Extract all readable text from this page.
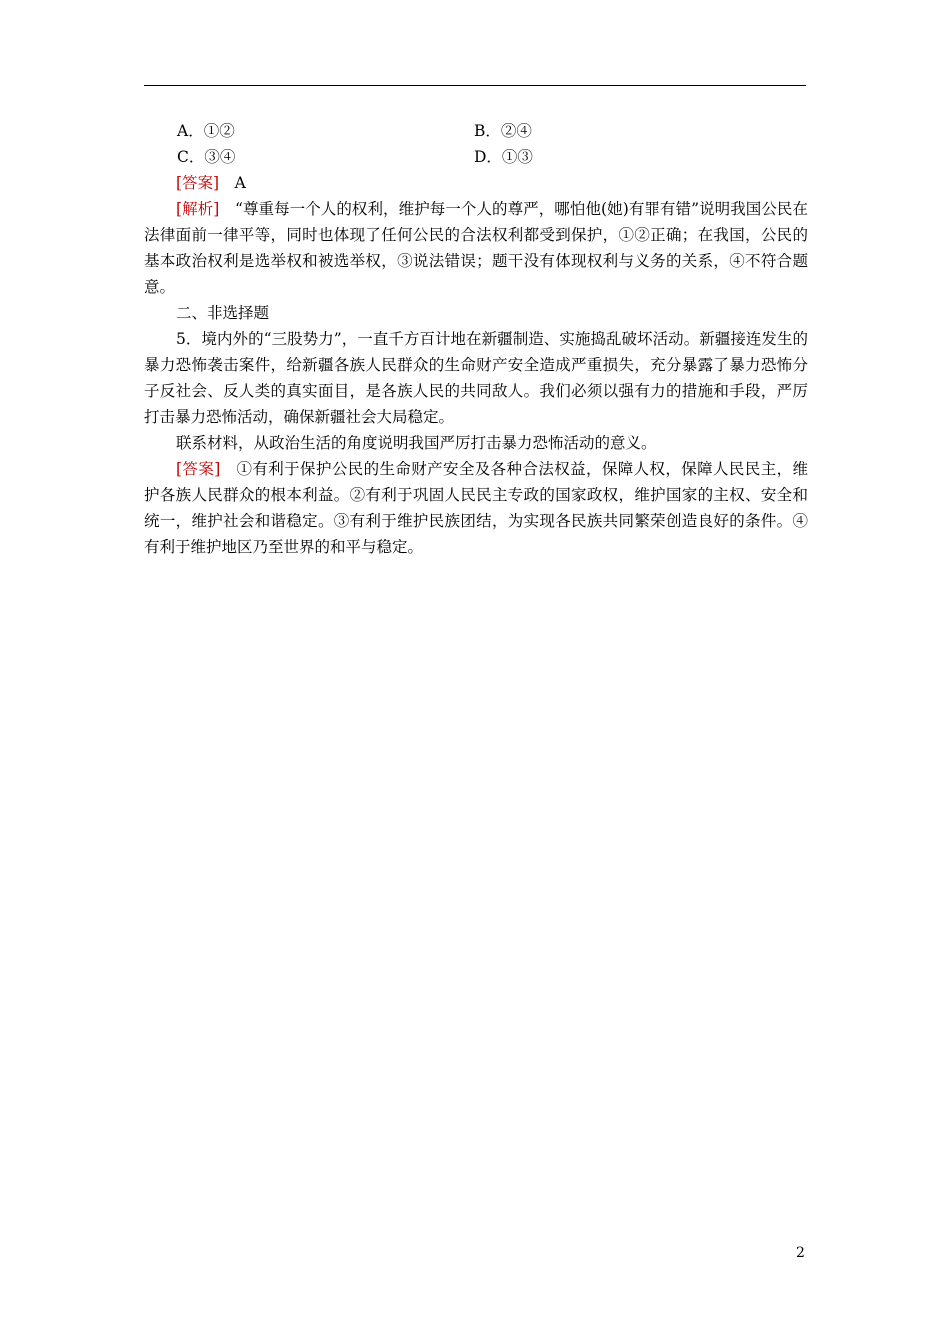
A．①②	B．②④
C．③④	D．①③

[答案]　A

[解析]　“尊重每一个人的权利，维护每一个人的尊严，哪怕他(她)有罪有错”说明我国公民在法律面前一律平等，同时也体现了任何公民的合法权利都受到保护，①②正确；在我国，公民的基本政治权利是选举权和被选举权，③说法错误；题干没有体现权利与义务的关系，④不符合题意。

二、非选择题

5．境内外的“三股势力”，一直千方百计地在新疆制造、实施捣乱破坏活动。新疆接连发生的暴力恐怖袭击案件，给新疆各族人民群众的生命财产安全造成严重损失，充分暴露了暴力恐怖分子反社会、反人类的真实面目，是各族人民的共同敌人。我们必须以强有力的措施和手段，严厉打击暴力恐怖活动，确保新疆社会大局稳定。

联系材料，从政治生活的角度说明我国严厉打击暴力恐怖活动的意义。

[答案]　①有利于保护公民的生命财产安全及各种合法权益，保障人权，保障人民民主，维护各族人民群众的根本利益。②有利于巩固人民民主专政的国家政权，维护国家的主权、安全和统一，维护社会和谐稳定。③有利于维护民族团结，为实现各民族共同繁荣创造良好的条件。④有利于维护地区乃至世界的和平与稳定。

2
